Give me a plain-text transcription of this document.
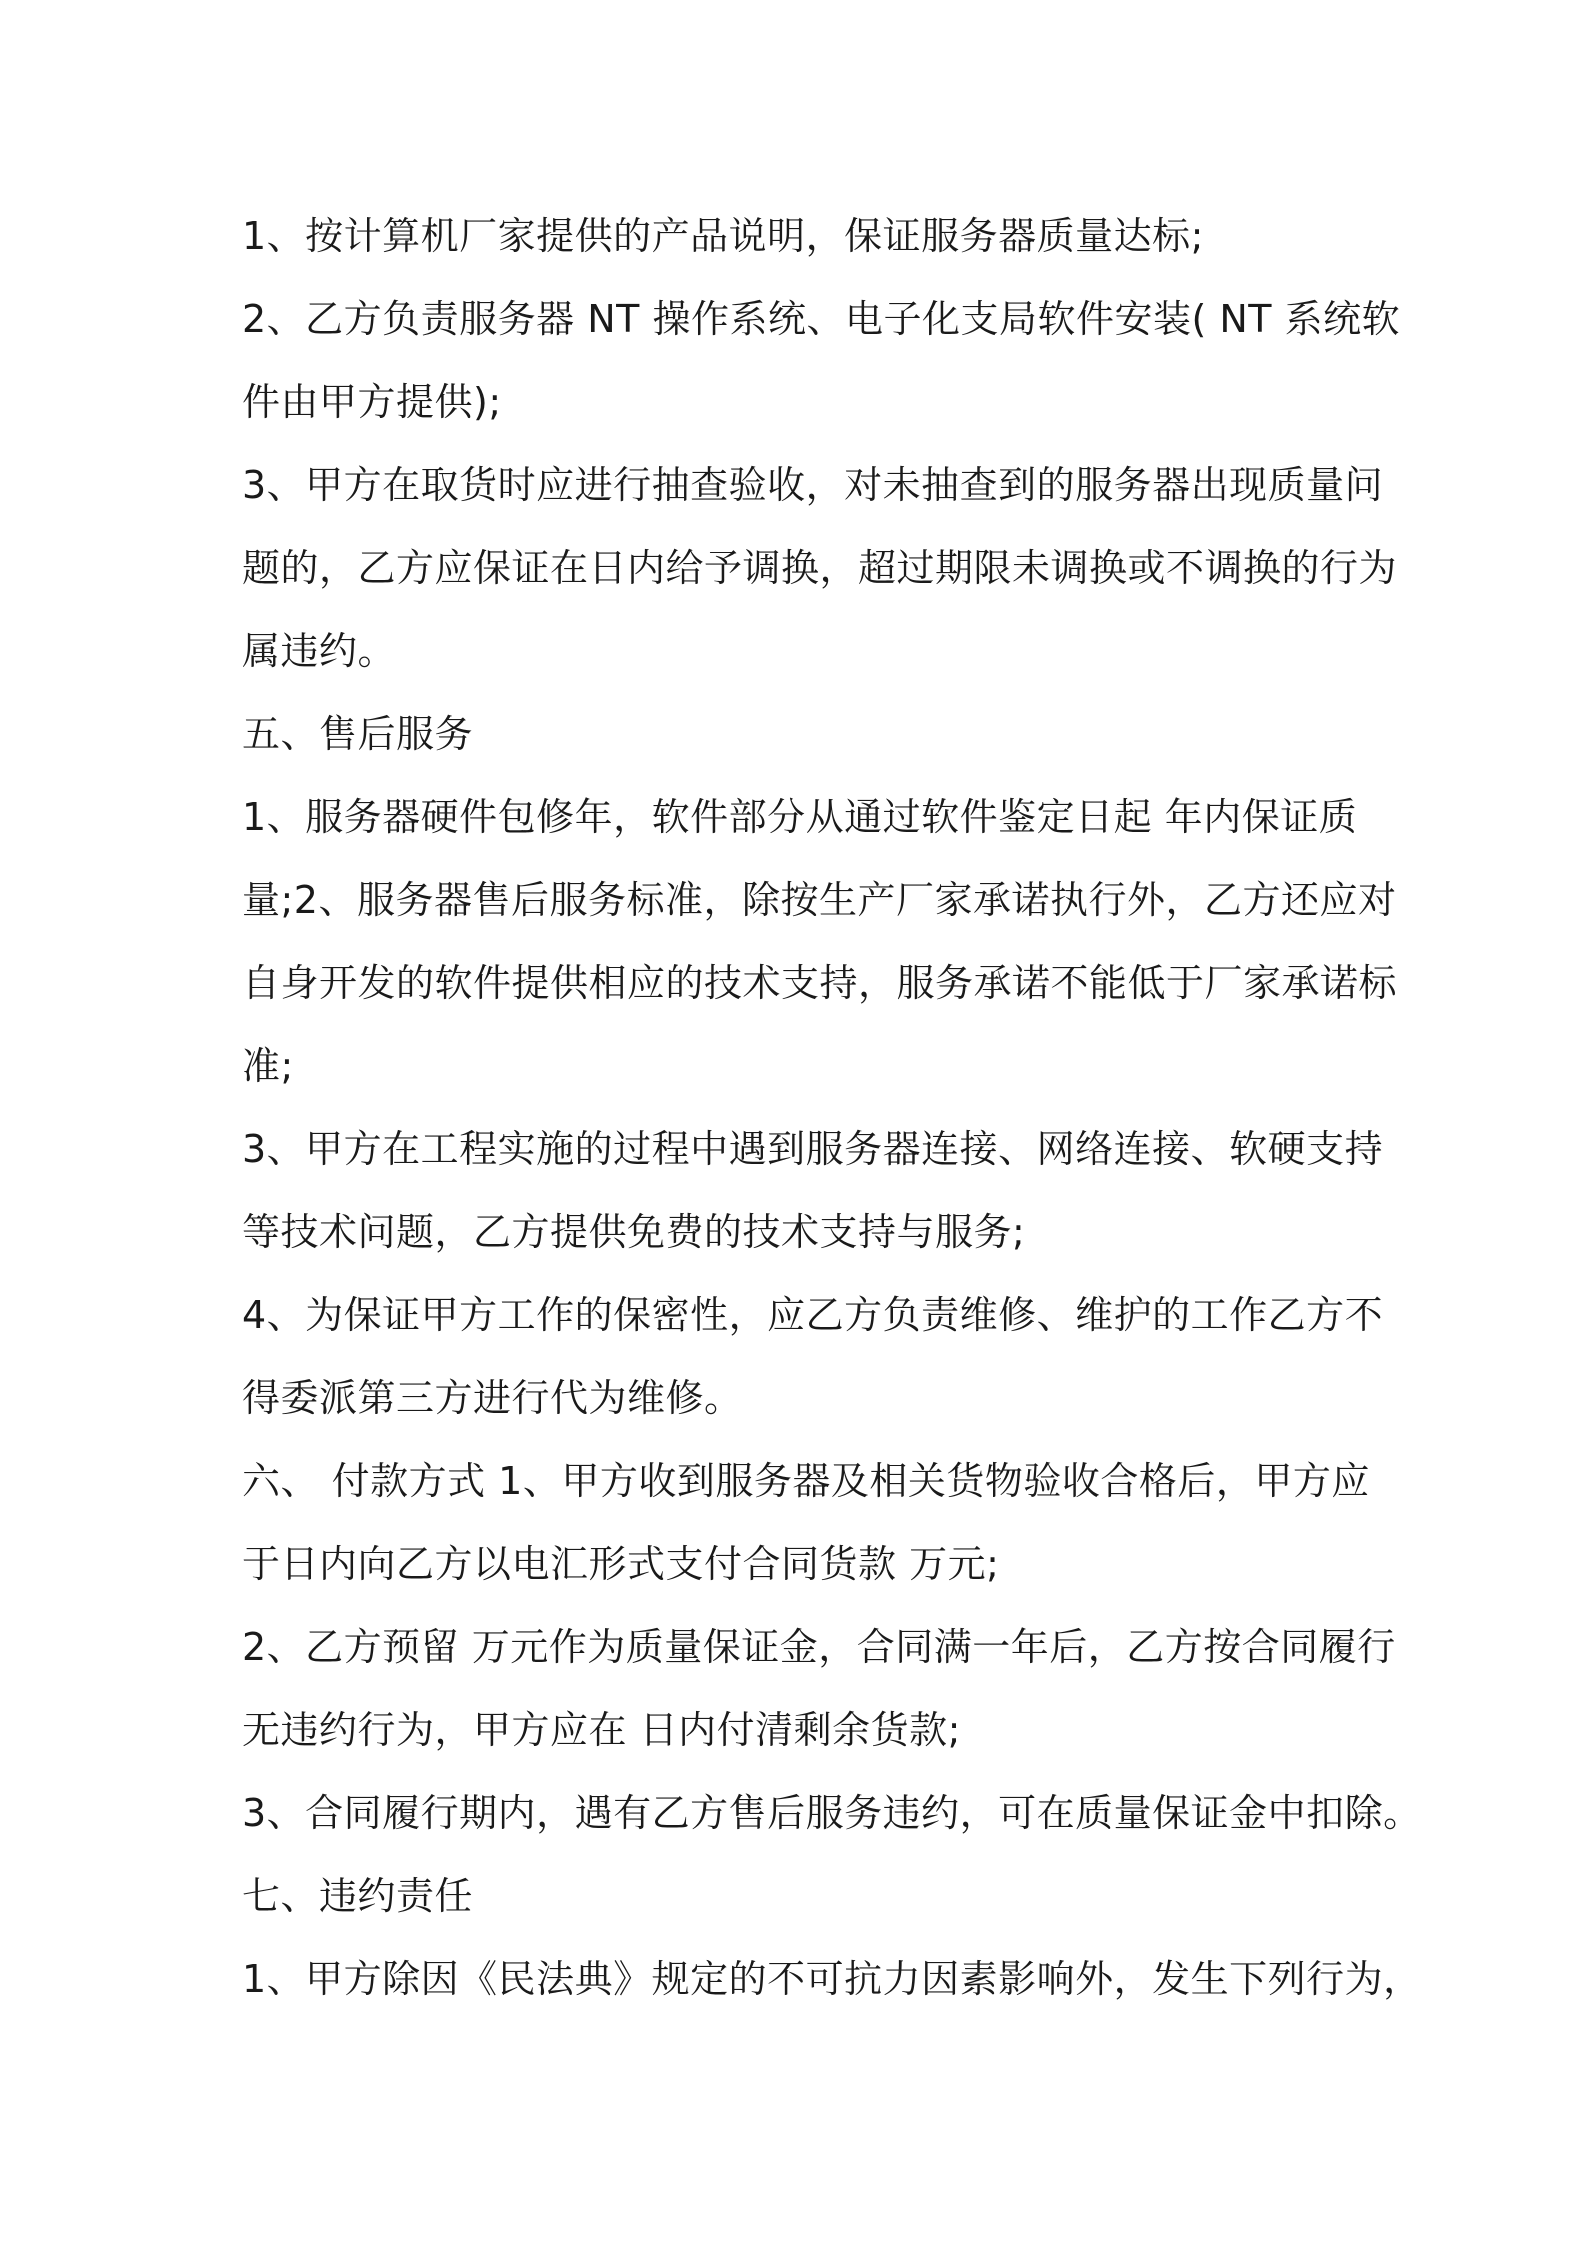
1、按计算机厂家提供的产品说明，保证服务器质量达标;

2、乙方负责服务器 NT 操作系统、电子化支局软件安装( NT 系统软

件由甲方提供);

3、甲方在取货时应进行抽查验收，对未抽查到的服务器出现质量问

题的，乙方应保证在日内给予调换，超过期限未调换或不调换的行为

属违约。

五、售后服务

1、服务器硬件包修年，软件部分从通过软件鉴定日起 年内保证质

量;2、服务器售后服务标准，除按生产厂家承诺执行外，乙方还应对

自身开发的软件提供相应的技术支持，服务承诺不能低于厂家承诺标

准;

3、甲方在工程实施的过程中遇到服务器连接、网络连接、软硬支持

等技术问题，乙方提供免费的技术支持与服务;

4、为保证甲方工作的保密性，应乙方负责维修、维护的工作乙方不

得委派第三方进行代为维修。

六、 付款方式 1、甲方收到服务器及相关货物验收合格后，甲方应

于日内向乙方以电汇形式支付合同货款 万元;

2、乙方预留 万元作为质量保证金，合同满一年后，乙方按合同履行

无违约行为，甲方应在 日内付清剩余货款;

3、合同履行期内，遇有乙方售后服务违约，可在质量保证金中扣除。

七、违约责任

1、甲方除因《民法典》规定的不可抗力因素影响外，发生下列行为，
